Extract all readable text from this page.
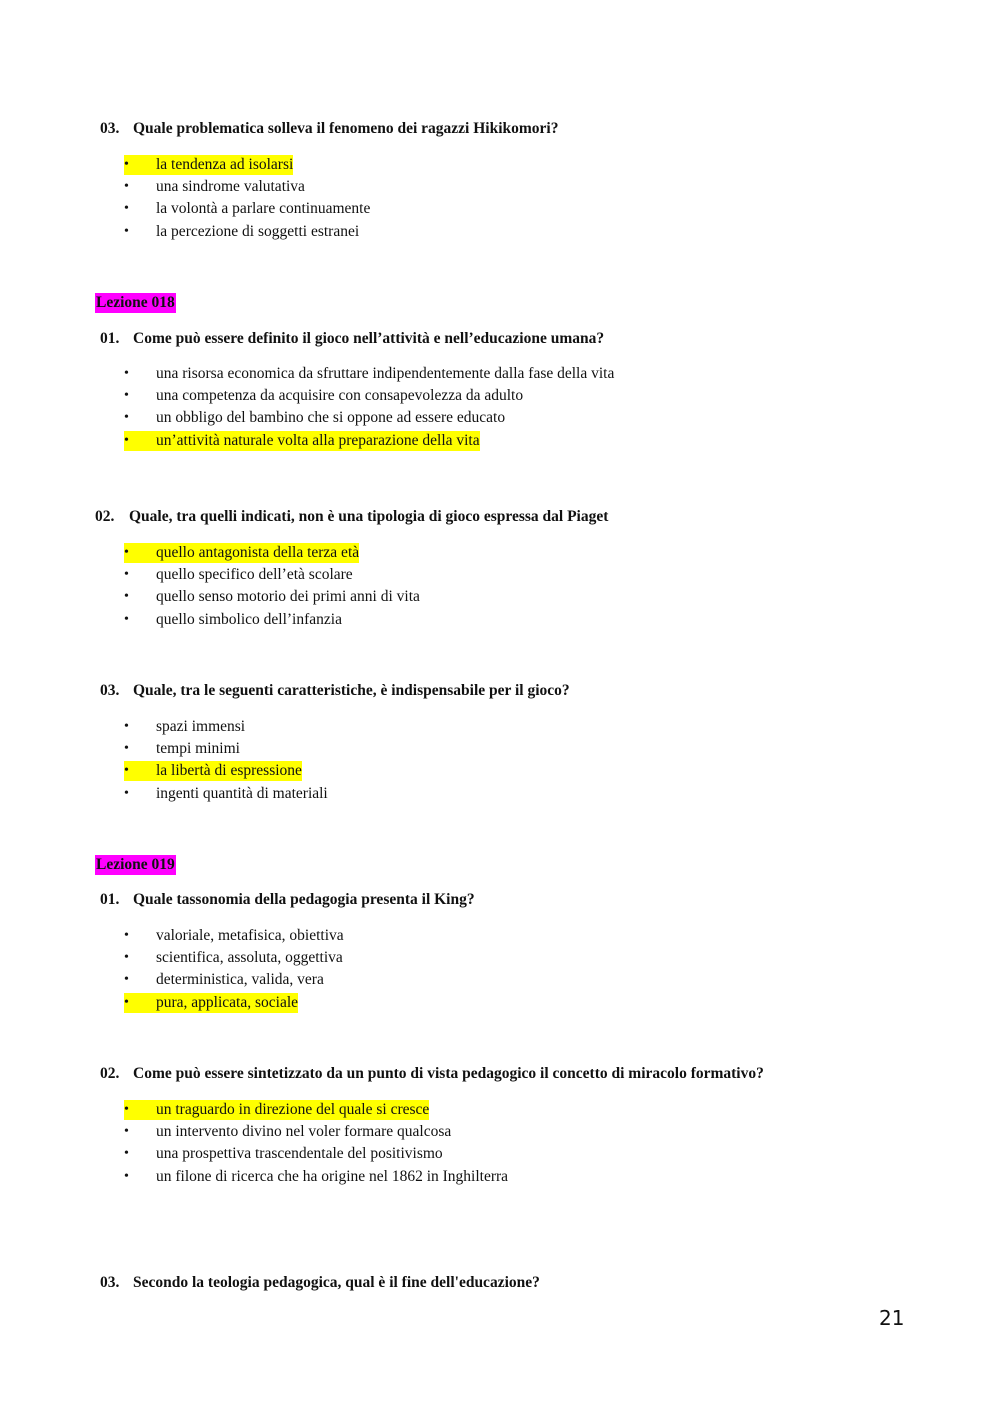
03. Quale problematica solleva il fenomeno dei ragazzi Hikikomori?
•	la tendenza ad isolarsi
•	una sindrome valutativa
•	la volontà a parlare continuamente
•	la percezione di soggetti estranei
Lezione 018
01. Come può essere definito il gioco nell’attività e nell’educazione umana?
•	una risorsa economica da sfruttare indipendentemente dalla fase della vita
•	una competenza da acquisire con consapevolezza da adulto
•	un obbligo del bambino che si oppone ad essere educato
•	un’attività naturale volta alla preparazione della vita
02. Quale, tra quelli indicati, non è una tipologia di gioco espressa dal Piaget
•	quello antagonista della terza età
•	quello specifico dell’età scolare
•	quello senso motorio dei primi anni di vita
•	quello simbolico dell’infanzia
03. Quale, tra le seguenti caratteristiche, è indispensabile per il gioco?
•	spazi immensi
•	tempi minimi
•	la libertà di espressione
•	ingenti quantità di materiali
Lezione 019
01. Quale tassonomia della pedagogia presenta il King?
•	valoriale, metafisica, obiettiva
•	scientifica, assoluta, oggettiva
•	deterministica, valida, vera
•	pura, applicata, sociale
02. Come può essere sintetizzato da un punto di vista pedagogico il concetto di miracolo formativo?
•	un traguardo in direzione del quale si cresce
•	un intervento divino nel voler formare qualcosa
•	una prospettiva trascendentale del positivismo
•	un filone di ricerca che ha origine nel 1862 in Inghilterra
03. Secondo la teologia pedagogica, qual è il fine dell'educazione?
21
